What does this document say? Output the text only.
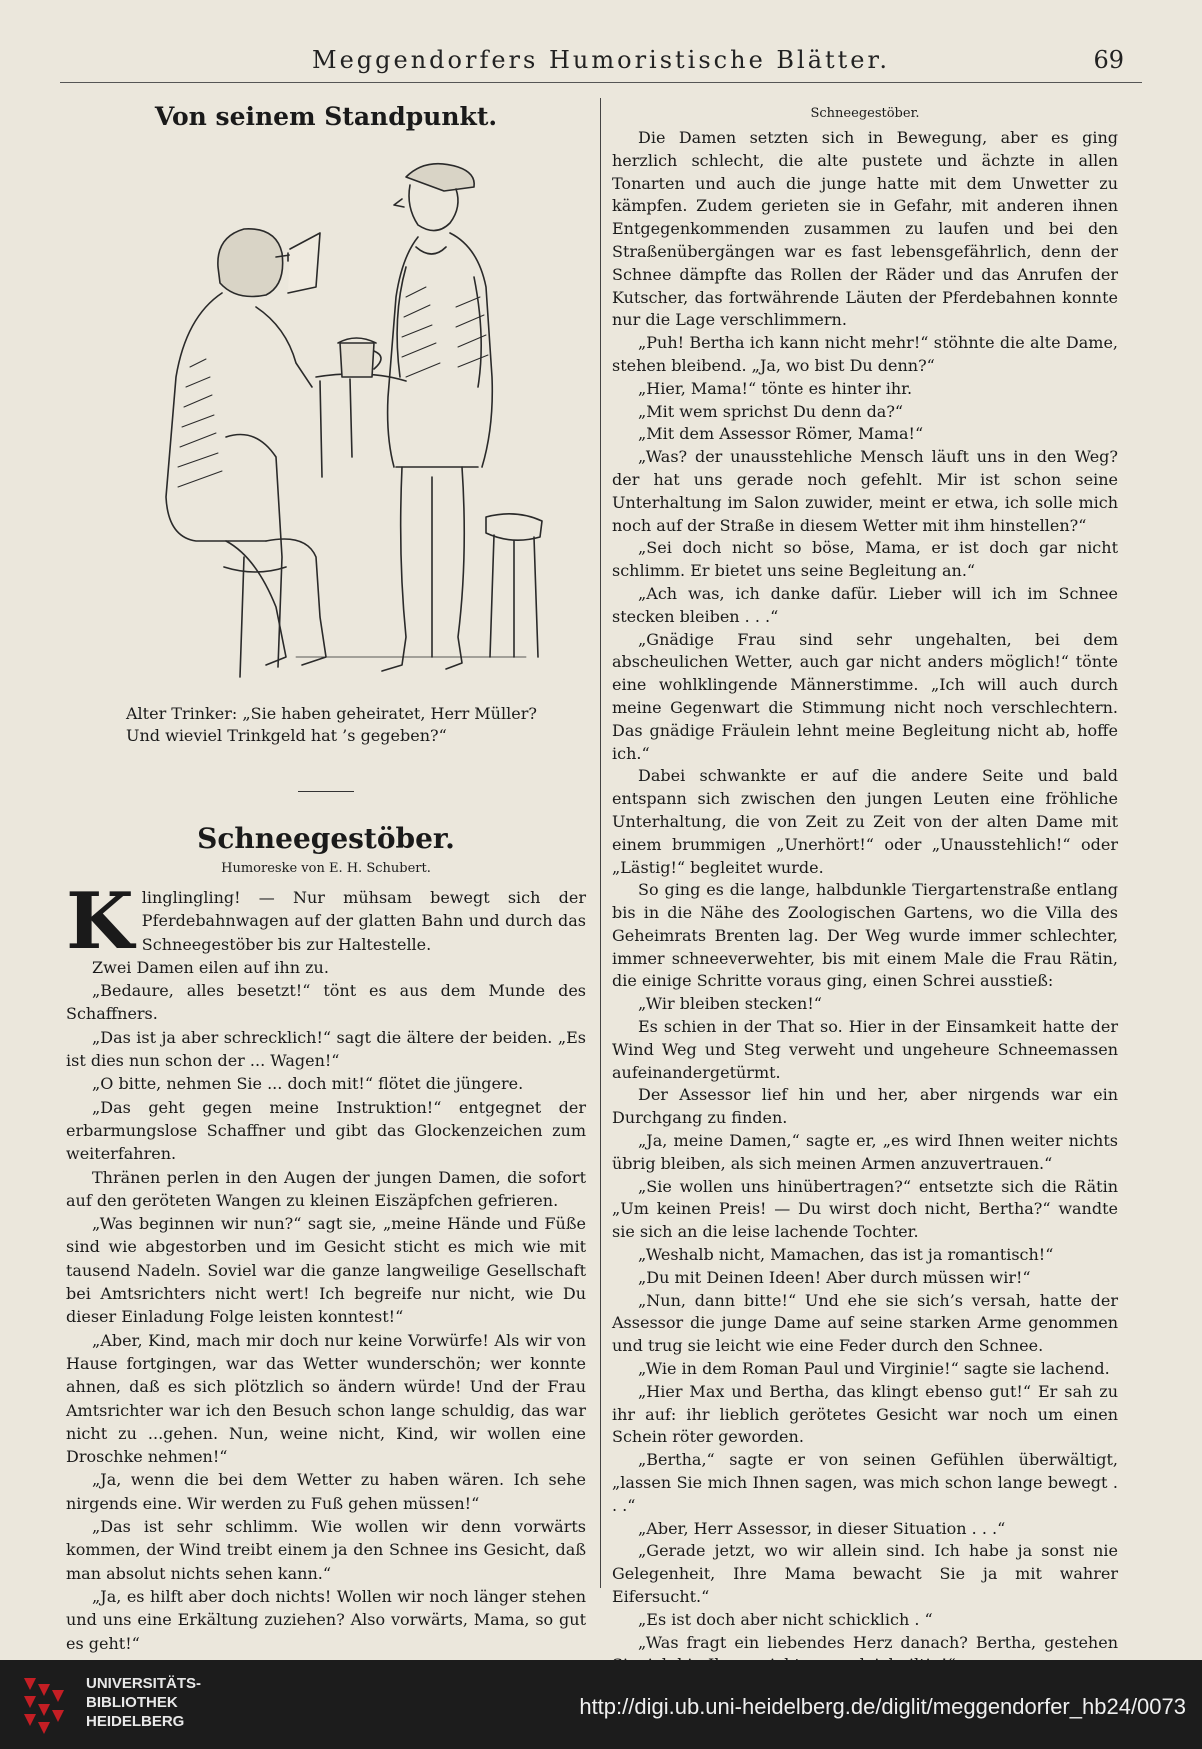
Meggendorfers Humoristische Blätter.	69
Von seinem Standpunkt.
Alter Trinker: „Sie haben geheiratet, Herr Müller?
Und wieviel Trinkgeld hat ’s gegeben?“
Schneegestöber.
Humoreske von E. H. Schubert.

Klinglingling! — Nur mühsam bewegt sich der Pferdebahnwagen auf der glatten Bahn und durch das Schneegestöber bis zur Haltestelle.

Zwei Damen eilen auf ihn zu.

„Bedaure, alles besetzt!“ tönt es aus dem Munde des Schaffners.

„Das ist ja aber schrecklich!“ sagt die ältere der beiden. „Es ist dies nun schon der ... Wagen!“

„O bitte, nehmen Sie ... doch mit!“ flötet die jüngere.

„Das geht gegen meine Instruktion!“ entgegnet der erbarmungslose Schaffner und gibt das Glockenzeichen zum weiterfahren.

Thränen perlen in den Augen der jungen Damen, die sofort auf den geröteten Wangen zu kleinen Eiszäpfchen gefrieren.

„Was beginnen wir nun?“ sagt sie, „meine Hände und Füße sind wie abgestorben und im Gesicht sticht es mich wie mit tausend Nadeln. Soviel war die ganze langweilige Gesellschaft bei Amtsrichters nicht wert! Ich begreife nur nicht, wie Du dieser Einladung Folge leisten konntest!“

„Aber, Kind, mach mir doch nur keine Vorwürfe! Als wir von Hause fortgingen, war das Wetter wunderschön; wer konnte ahnen, daß es sich plötzlich so ändern würde! Und der Frau Amtsrichter war ich den Besuch schon lange schuldig, das war nicht zu ...gehen. Nun, weine nicht, Kind, wir wollen eine Droschke nehmen!“

„Ja, wenn die bei dem Wetter zu haben wären. Ich sehe nirgends eine. Wir werden zu Fuß gehen müssen!“

„Das ist sehr schlimm. Wie wollen wir denn vorwärts kommen, der Wind treibt einem ja den Schnee ins Gesicht, daß man absolut nichts sehen kann.“

„Ja, es hilft aber doch nichts! Wollen wir noch länger stehen und uns eine Erkältung zuziehen? Also vorwärts, Mama, so gut es geht!“

Schneegestöber.

Die Damen setzten sich in Bewegung, aber es ging herzlich schlecht, die alte pustete und ächzte in allen Tonarten und auch die junge hatte mit dem Unwetter zu kämpfen. Zudem gerieten sie in Gefahr, mit anderen ihnen Entgegenkommenden zusammen zu laufen und bei den Straßenübergängen war es fast lebensgefährlich, denn der Schnee dämpfte das Rollen der Räder und das Anrufen der Kutscher, das fortwährende Läuten der Pferdebahnen konnte nur die Lage verschlimmern.

„Puh! Bertha ich kann nicht mehr!“ stöhnte die alte Dame, stehen bleibend. „Ja, wo bist Du denn?“

„Hier, Mama!“ tönte es hinter ihr.

„Mit wem sprichst Du denn da?“

„Mit dem Assessor Römer, Mama!“

„Was? der unausstehliche Mensch läuft uns in den Weg? der hat uns gerade noch gefehlt. Mir ist schon seine Unterhaltung im Salon zuwider, meint er etwa, ich solle mich noch auf der Straße in diesem Wetter mit ihm hinstellen?“

„Sei doch nicht so böse, Mama, er ist doch gar nicht schlimm. Er bietet uns seine Begleitung an.“

„Ach was, ich danke dafür. Lieber will ich im Schnee stecken bleiben . . .“

„Gnädige Frau sind sehr ungehalten, bei dem abscheulichen Wetter, auch gar nicht anders möglich!“ tönte eine wohlklingende Männerstimme. „Ich will auch durch meine Gegenwart die Stimmung nicht noch verschlechtern. Das gnädige Fräulein lehnt meine Begleitung nicht ab, hoffe ich.“

Dabei schwankte er auf die andere Seite und bald entspann sich zwischen den jungen Leuten eine fröhliche Unterhaltung, die von Zeit zu Zeit von der alten Dame mit einem brummigen „Unerhört!“ oder „Unausstehlich!“ oder „Lästig!“ begleitet wurde.

So ging es die lange, halbdunkle Tiergartenstraße entlang bis in die Nähe des Zoologischen Gartens, wo die Villa des Geheimrats Brenten lag. Der Weg wurde immer schlechter, immer schneeverwehter, bis mit einem Male die Frau Rätin, die einige Schritte voraus ging, einen Schrei ausstieß:

„Wir bleiben stecken!“

Es schien in der That so. Hier in der Einsamkeit hatte der Wind Weg und Steg verweht und ungeheure Schneemassen aufeinandergetürmt.

Der Assessor lief hin und her, aber nirgends war ein Durchgang zu finden.

„Ja, meine Damen,“ sagte er, „es wird Ihnen weiter nichts übrig bleiben, als sich meinen Armen anzuvertrauen.“

„Sie wollen uns hinübertragen?“ entsetzte sich die Rätin „Um keinen Preis! — Du wirst doch nicht, Bertha?“ wandte sie sich an die leise lachende Tochter.

„Weshalb nicht, Mamachen, das ist ja romantisch!“

„Du mit Deinen Ideen! Aber durch müssen wir!“

„Nun, dann bitte!“ Und ehe sie sich’s versah, hatte der Assessor die junge Dame auf seine starken Arme genommen und trug sie leicht wie eine Feder durch den Schnee.

„Wie in dem Roman Paul und Virginie!“ sagte sie lachend.

„Hier Max und Bertha, das klingt ebenso gut!“ Er sah zu ihr auf: ihr lieblich gerötetes Gesicht war noch um einen Schein röter geworden.

„Bertha,“ sagte er von seinen Gefühlen überwältigt, „lassen Sie mich Ihnen sagen, was mich schon lange bewegt . . .“

„Aber, Herr Assessor, in dieser Situation . . .“

„Gerade jetzt, wo wir allein sind. Ich habe ja sonst nie Gelegenheit, Ihre Mama bewacht Sie ja mit wahrer Eifersucht.“

„Es ist doch aber nicht schicklich . “

„Was fragt ein liebendes Herz danach? Bertha, gestehen

UNIVERSITÄTS-
BIBLIOTHEK
HEIDELBERG
http://digi.ub.uni-heidelberg.de/diglit/meggendorfer_hb24/0073
